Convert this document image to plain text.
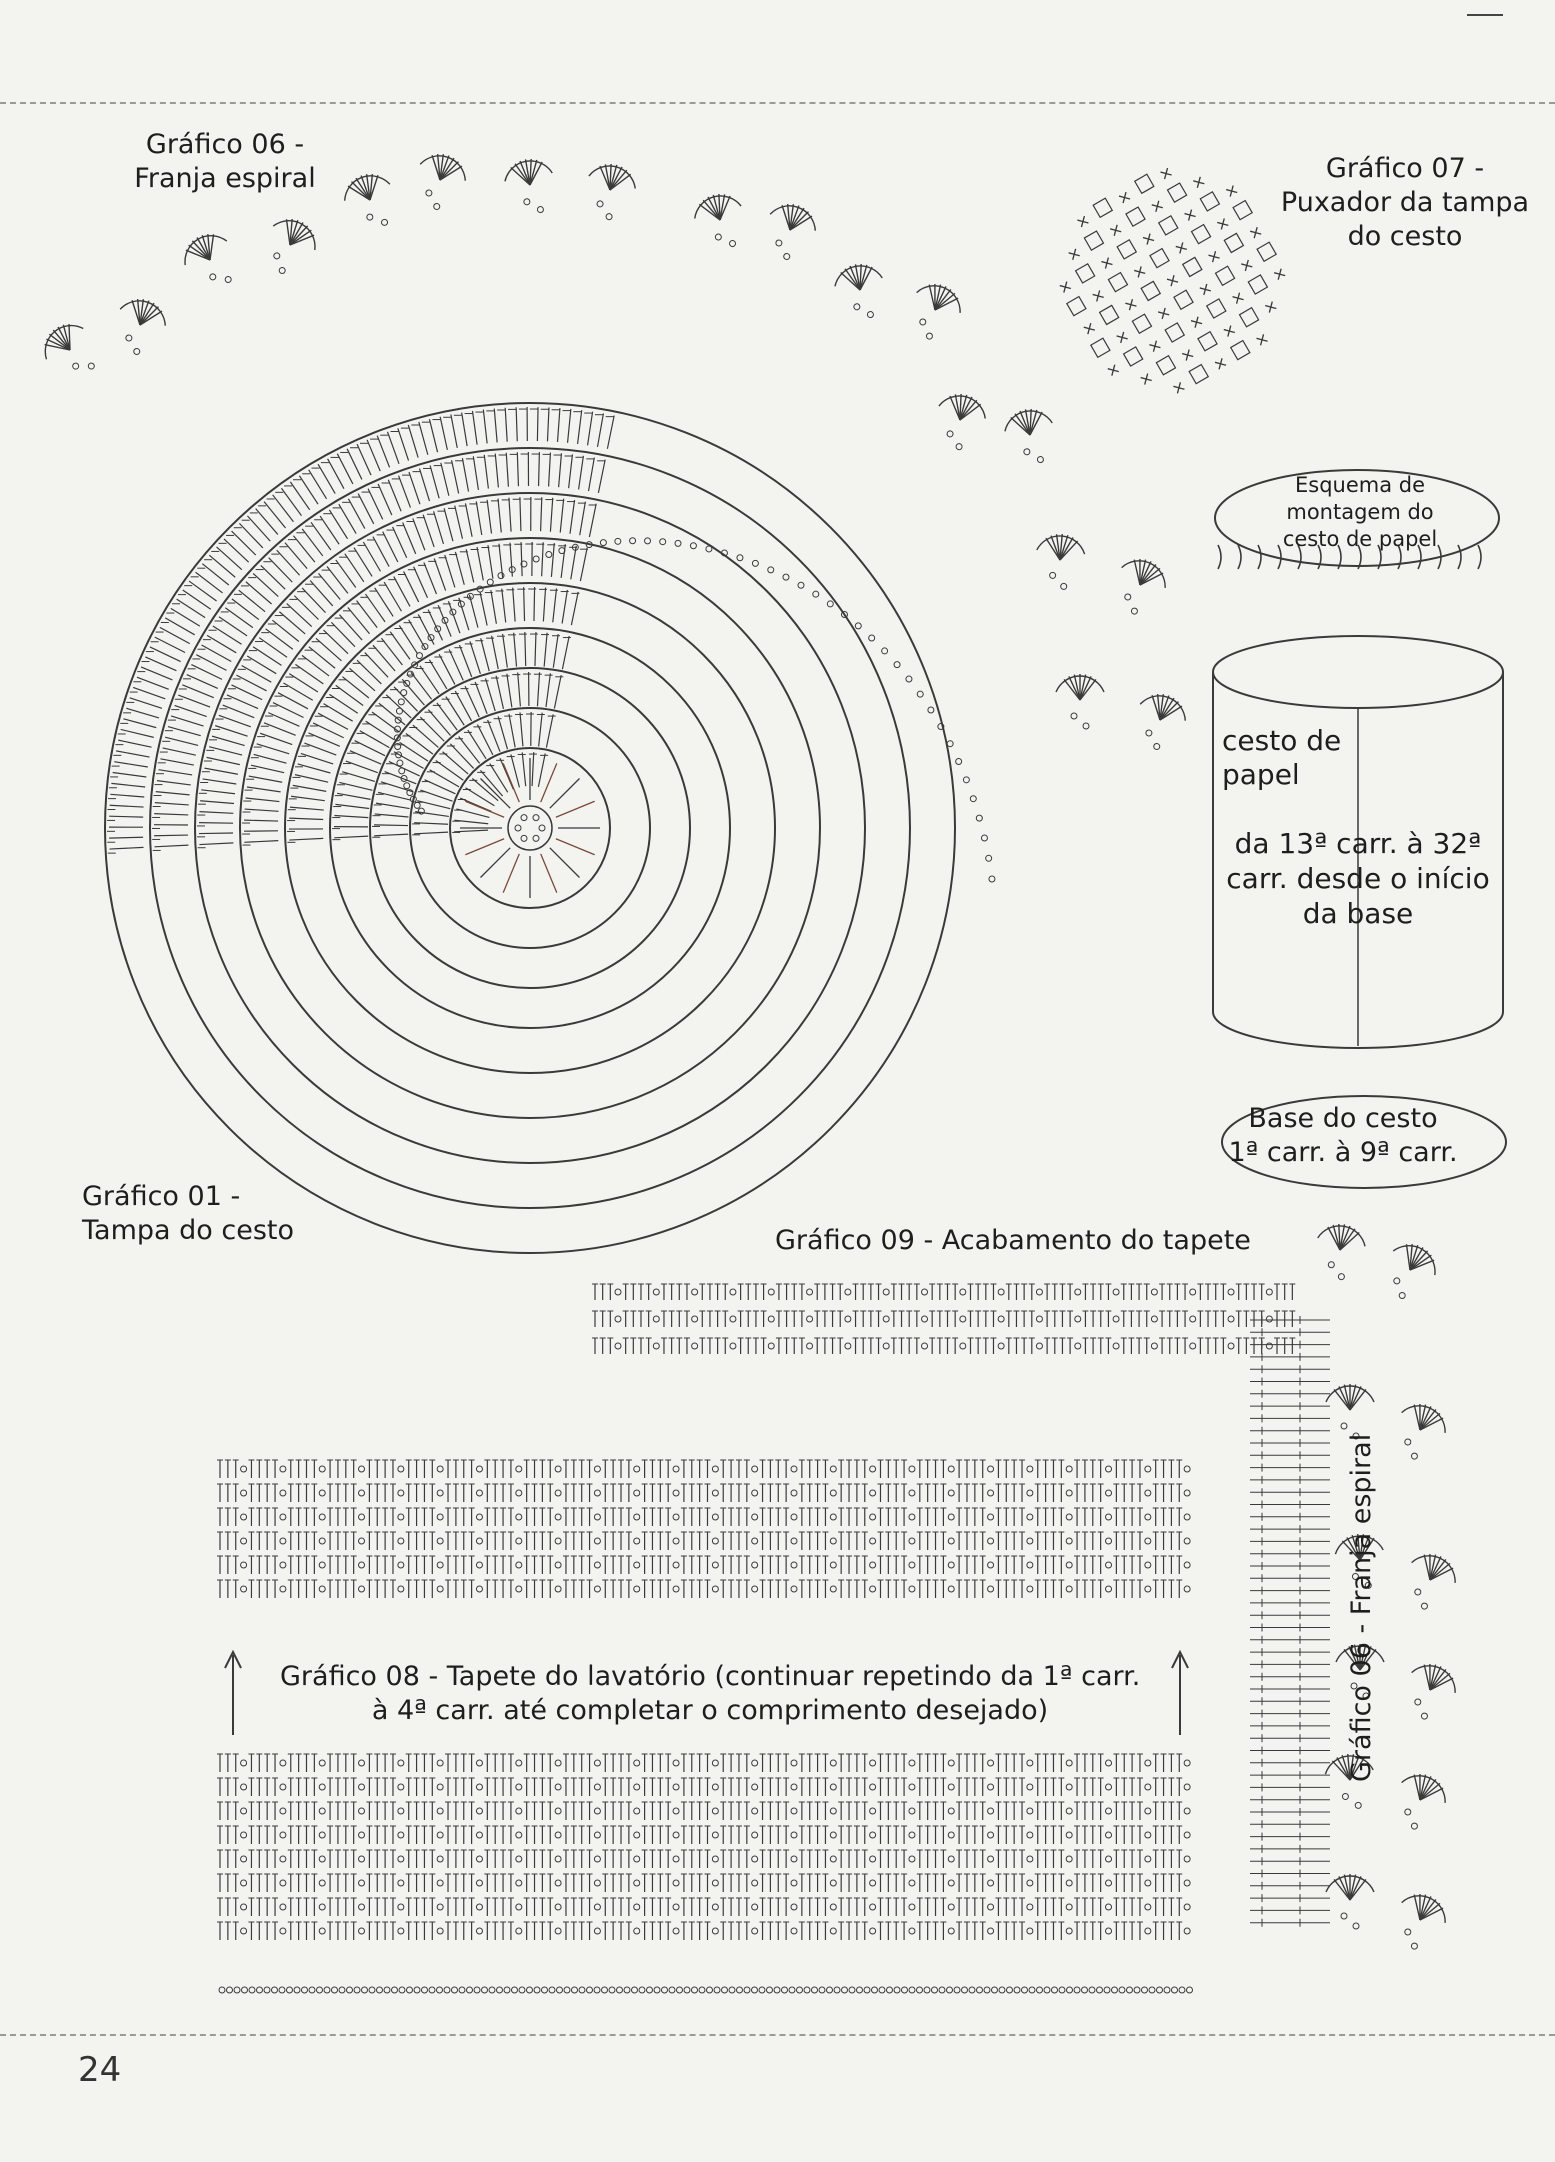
×
×
×
×
×
×
×
×
×
×
×
×
×
×
×
×
×
×
×
×
×
×
×
×
×
×
×
×
×
×
×
×
×
×
×
×
×
Gráfico 06 -
Franja espiral	Gráfico 07 -
Puxador da tampa
do cesto
Esquema de
montagem do
cesto de papel
cesto de
papel
da 13ª carr. à 32ª
carr. desde o início
da base
Base do cesto
1ª carr. à 9ª carr.
Gráfico 01 -
Tampa do cesto	Gráfico 09 - Acabamento do tapete
Gráfico 08 - Tapete do lavatório (continuar repetindo da 1ª carr.
à 4ª carr. até completar o comprimento desejado)	Gráfico 06 - Franja espiral
24
